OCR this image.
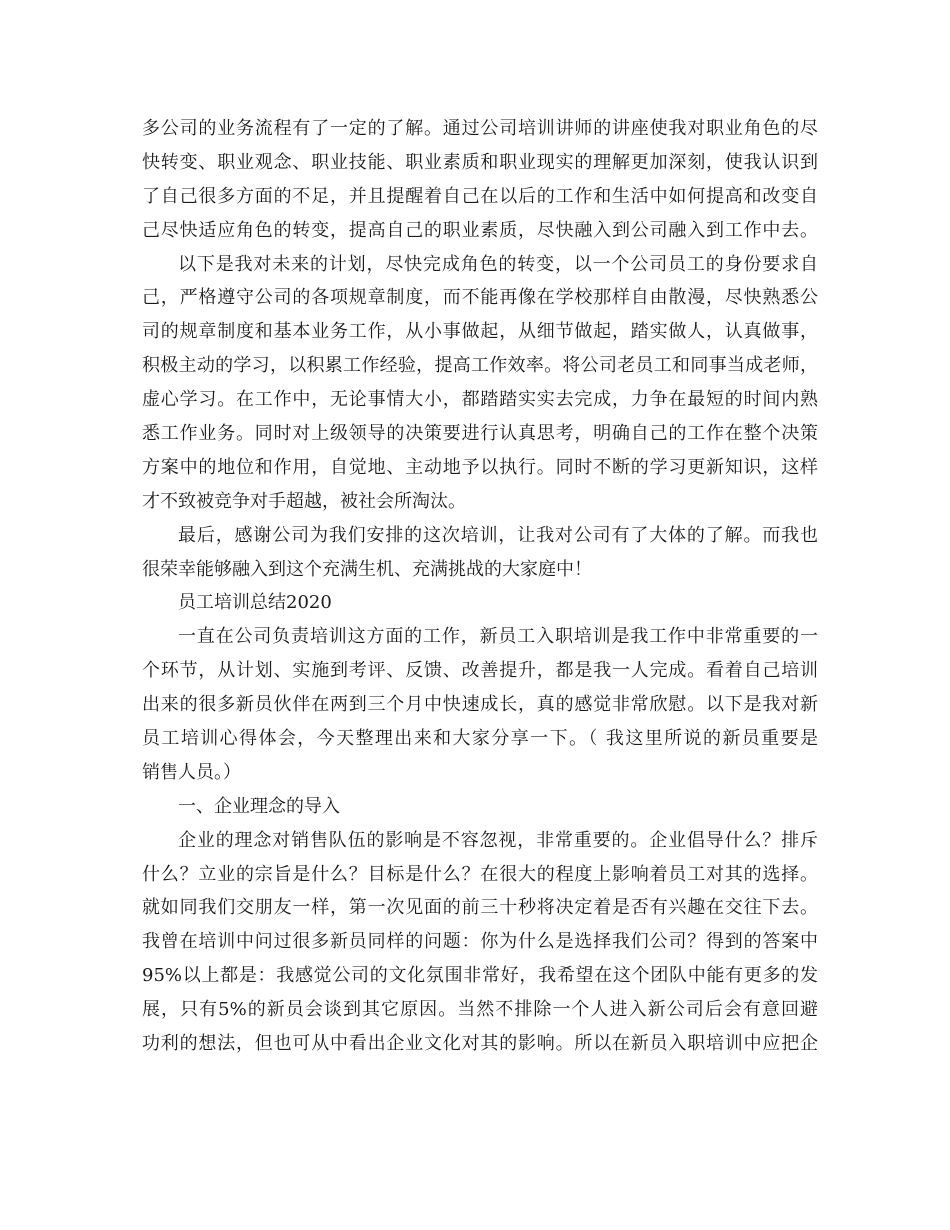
多公司的业务流程有了一定的了解。通过公司培训讲师的讲座使我对职业角色的尽
快转变、职业观念、职业技能、职业素质和职业现实的理解更加深刻，使我认识到
了自己很多方面的不足，并且提醒着自己在以后的工作和生活中如何提高和改变自
己尽快适应角色的转变，提高自己的职业素质，尽快融入到公司融入到工作中去。
以下是我对未来的计划，尽快完成角色的转变，以一个公司员工的身份要求自
己，严格遵守公司的各项规章制度，而不能再像在学校那样自由散漫，尽快熟悉公
司的规章制度和基本业务工作，从小事做起，从细节做起，踏实做人，认真做事，
积极主动的学习，以积累工作经验，提高工作效率。将公司老员工和同事当成老师，
虚心学习。在工作中，无论事情大小，都踏踏实实去完成，力争在最短的时间内熟
悉工作业务。同时对上级领导的决策要进行认真思考，明确自己的工作在整个决策
方案中的地位和作用，自觉地、主动地予以执行。同时不断的学习更新知识，这样
才不致被竞争对手超越，被社会所淘汰。
最后，感谢公司为我们安排的这次培训，让我对公司有了大体的了解。而我也
很荣幸能够融入到这个充满生机、充满挑战的大家庭中！
员工培训总结2020
一直在公司负责培训这方面的工作，新员工入职培训是我工作中非常重要的一
个环节，从计划、实施到考评、反馈、改善提升，都是我一人完成。看着自己培训
出来的很多新员伙伴在两到三个月中快速成长，真的感觉非常欣慰。以下是我对新
员工培训心得体会，今天整理出来和大家分享一下。（ 我这里所说的新员重要是
销售人员。）
一、企业理念的导入
企业的理念对销售队伍的影响是不容忽视，非常重要的。企业倡导什么？排斥
什么？立业的宗旨是什么？目标是什么？在很大的程度上影响着员工对其的选择。
就如同我们交朋友一样，第一次见面的前三十秒将决定着是否有兴趣在交往下去。
我曾在培训中问过很多新员同样的问题：你为什么是选择我们公司？得到的答案中
95%以上都是：我感觉公司的文化氛围非常好，我希望在这个团队中能有更多的发
展，只有5%的新员会谈到其它原因。当然不排除一个人进入新公司后会有意回避
功利的想法，但也可从中看出企业文化对其的影响。所以在新员入职培训中应把企
